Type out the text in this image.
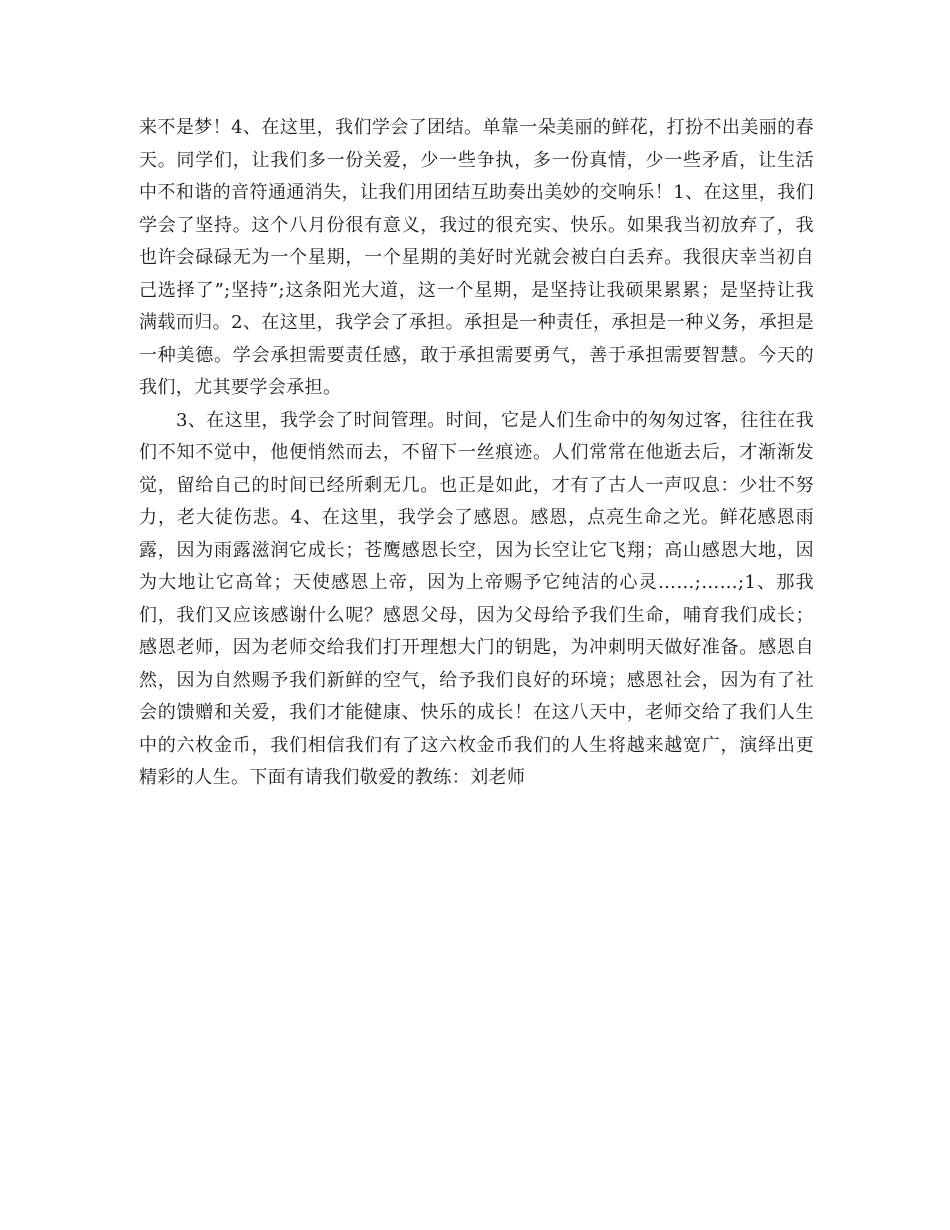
来不是梦！4、在这里，我们学会了团结。单靠一朵美丽的鲜花，打扮不出美丽的春天。同学们，让我们多一份关爱，少一些争执，多一份真情，少一些矛盾，让生活中不和谐的音符通通消失，让我们用团结互助奏出美妙的交响乐！1、在这里，我们学会了坚持。这个八月份很有意义，我过的很充实、快乐。如果我当初放弃了，我也许会碌碌无为一个星期，一个星期的美好时光就会被白白丢弃。我很庆幸当初自己选择了”;坚持”;这条阳光大道，这一个星期，是坚持让我硕果累累；是坚持让我满载而归。2、在这里，我学会了承担。承担是一种责任，承担是一种义务，承担是一种美德。学会承担需要责任感，敢于承担需要勇气，善于承担需要智慧。今天的我们，尤其要学会承担。

3、在这里，我学会了时间管理。时间，它是人们生命中的匆匆过客，往往在我们不知不觉中，他便悄然而去，不留下一丝痕迹。人们常常在他逝去后，才渐渐发觉，留给自己的时间已经所剩无几。也正是如此，才有了古人一声叹息：少壮不努力，老大徒伤悲。4、在这里，我学会了感恩。感恩，点亮生命之光。鲜花感恩雨露，因为雨露滋润它成长；苍鹰感恩长空，因为长空让它飞翔；高山感恩大地，因为大地让它高耸；天使感恩上帝，因为上帝赐予它纯洁的心灵……;……;1、那我们，我们又应该感谢什么呢？感恩父母，因为父母给予我们生命，哺育我们成长；感恩老师，因为老师交给我们打开理想大门的钥匙，为冲刺明天做好准备。感恩自然，因为自然赐予我们新鲜的空气，给予我们良好的环境；感恩社会，因为有了社会的馈赠和关爱，我们才能健康、快乐的成长！在这八天中，老师交给了我们人生中的六枚金币，我们相信我们有了这六枚金币我们的人生将越来越宽广，演绎出更精彩的人生。下面有请我们敬爱的教练：刘老师
